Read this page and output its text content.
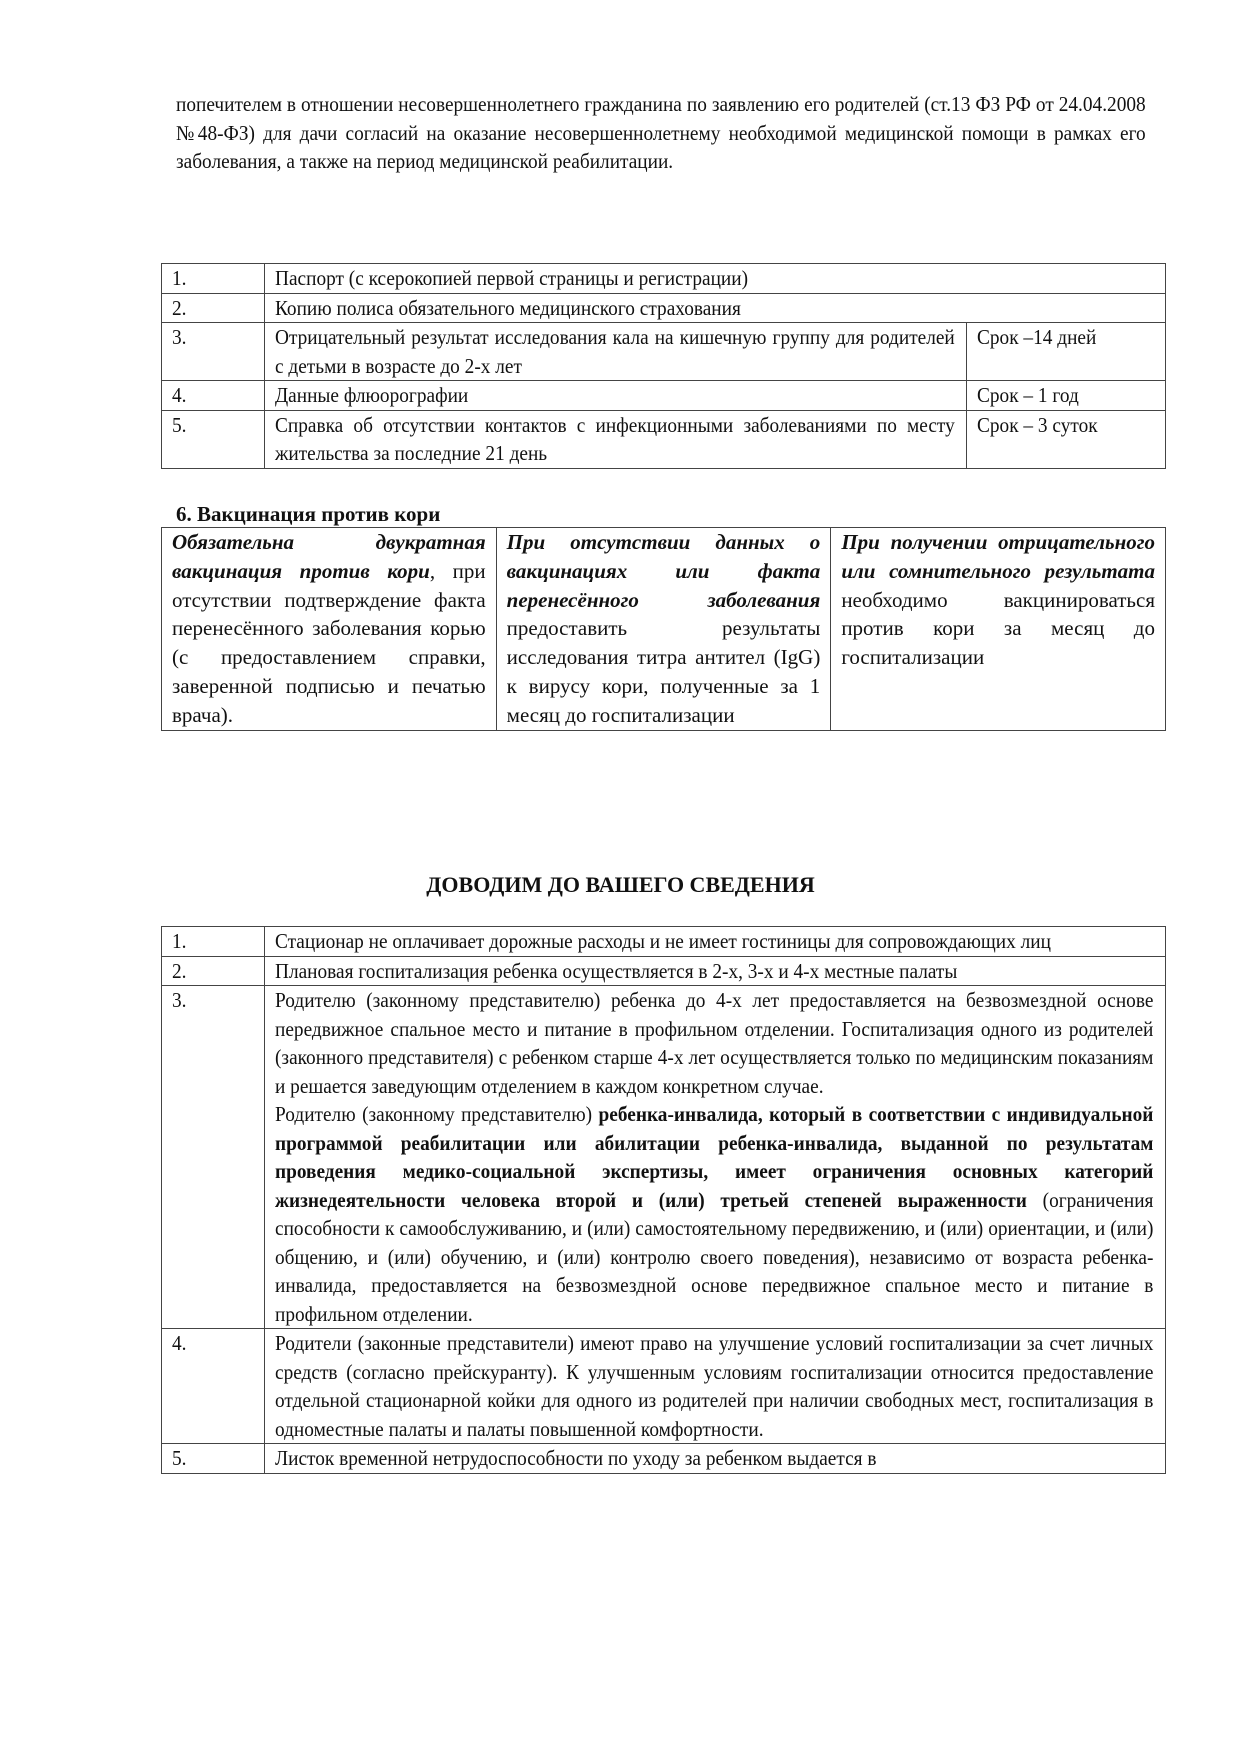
попечителем в отношении несовершеннолетнего гражданина по заявлению его родителей (ст.13 ФЗ РФ от 24.04.2008 №48-ФЗ) для дачи согласий на оказание несовершеннолетнему необходимой медицинской помощи в рамках его заболевания, а также на период медицинской реабилитации.
1.	Паспорт (с ксерокопией первой страницы и регистрации)	

2.	Копию полиса обязательного медицинского страхования	

3.	Отрицательный результат исследования кала на кишечную группу для родителей с детьми в возрасте до 2-х лет	Срок –14 дней

4.	Данные флюорографии	Срок – 1 год

5.	Справка об отсутствии контактов с инфекционными заболеваниями по месту жительства за последние 21 день	Срок – 3 суток
6. Вакцинация против кори
Обязательна двукратная вакцинация против кори, при отсутствии подтверждение факта перенесённого заболевания корью (с предоставлением справки, заверенной подписью и печатью врача).	При отсутствии данных о вакцинациях или факта перенесённого заболевания предоставить результаты исследования титра антител (IgG) к вирусу кори, полученные за 1 месяц до госпитализации	При получении отрицательного или сомнительного результата необходимо вакцинироваться против кори за месяц до госпитализации
ДОВОДИМ ДО ВАШЕГО СВЕДЕНИЯ
1.	Стационар не оплачивает дорожные расходы и не имеет гостиницы для сопровождающих лиц

2.	Плановая госпитализация ребенка осуществляется в 2-х, 3-х и 4-х местные палаты

3.	Родителю (законному представителю) ребенка до 4-х лет предоставляется на безвозмездной основе передвижное спальное место и питание в профильном отделении. Госпитализация одного из родителей (законного представителя) с ребенком старше 4-х лет осуществляется только по медицинским показаниям и решается заведующим отделением в каждом конкретном случае.
Родителю (законному представителю) ребенка-инвалида, который в соответствии с индивидуальной программой реабилитации или абилитации ребенка-инвалида, выданной по результатам проведения медико-социальной экспертизы, имеет ограничения основных категорий жизнедеятельности человека второй и (или) третьей степеней выраженности (ограничения способности к самообслуживанию, и (или) самостоятельному передвижению, и (или) ориентации, и (или) общению, и (или) обучению, и (или) контролю своего поведения), независимо от возраста ребенка-инвалида, предоставляется на безвозмездной основе передвижное спальное место и питание в профильном отделении.

4.	Родители (законные представители) имеют право на улучшение условий госпитализации за счет личных средств (согласно прейскуранту). К улучшенным условиям госпитализации относится предоставление отдельной стационарной койки для одного из родителей при наличии свободных мест, госпитализация в одноместные палаты и палаты повышенной комфортности.

5.	Листок временной нетрудоспособности по уходу за ребенком выдается в
